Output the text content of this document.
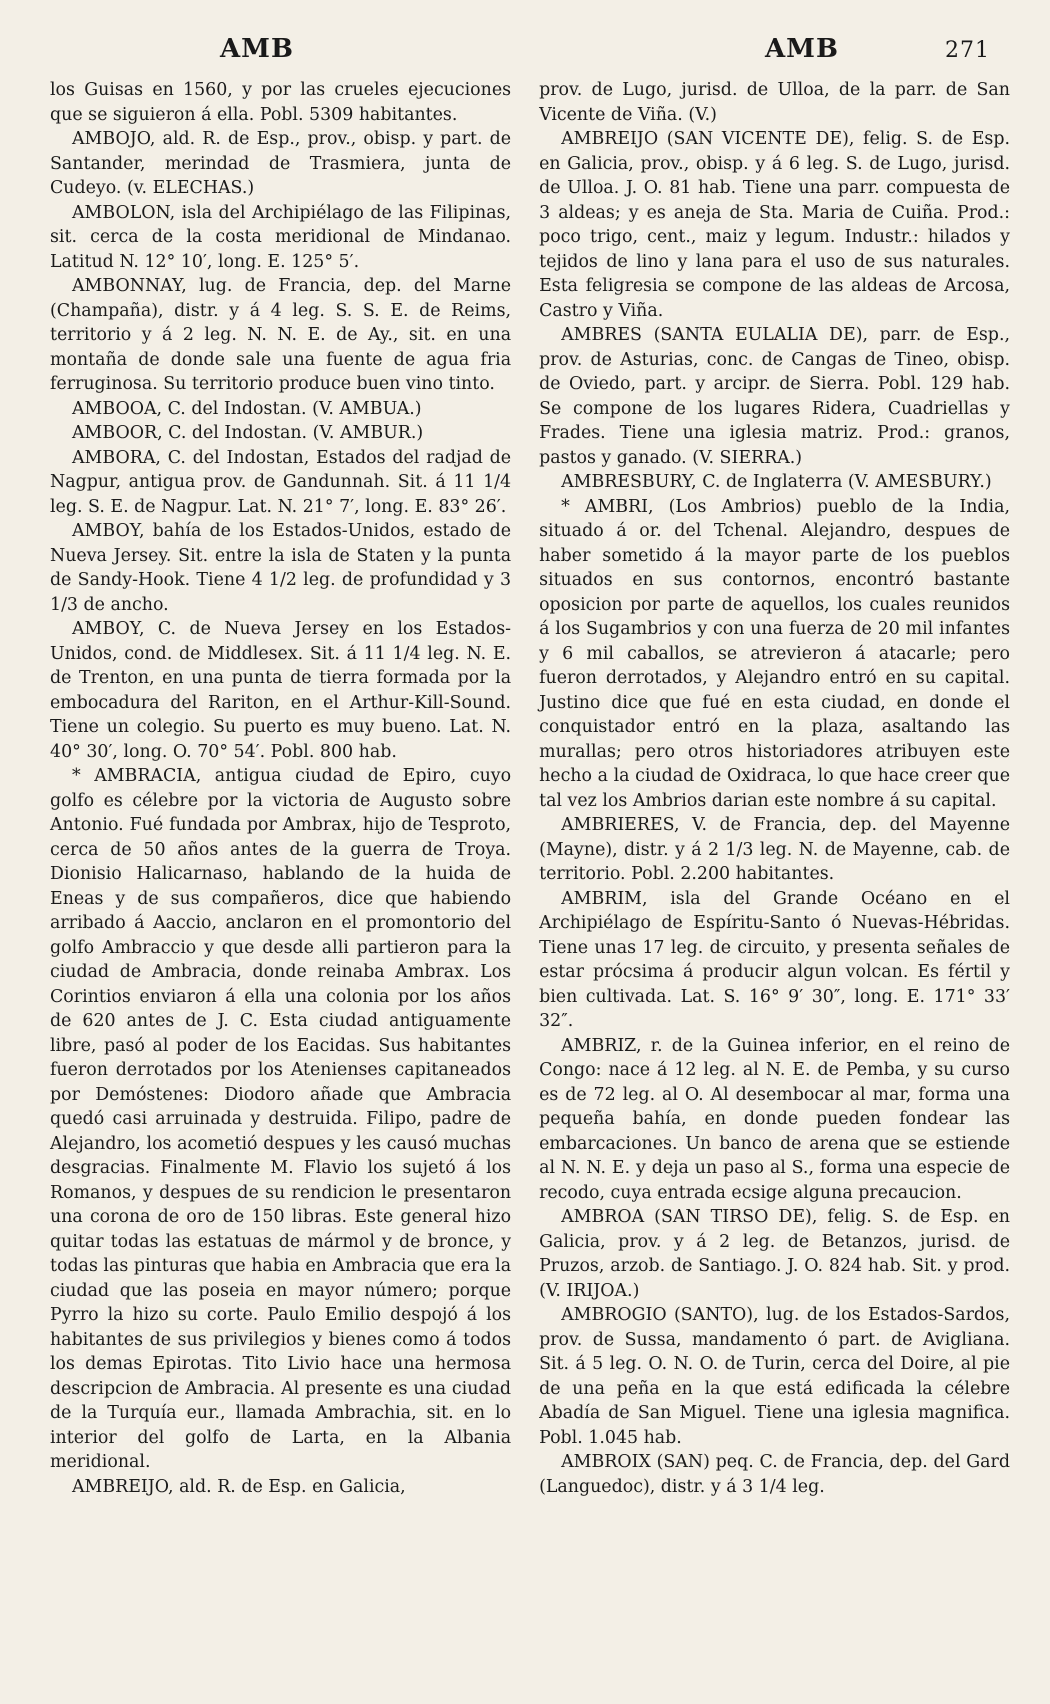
AMB	AMB	271

los Guisas en 1560, y por las crueles ejecuciones que se siguieron á ella. Pobl. 5309 habitantes.

AMBOJO, ald. R. de Esp., prov., obisp. y part. de Santander, merindad de Trasmiera, junta de Cudeyo. (v. ELECHAS.)

AMBOLON, isla del Archipiélago de las Filipinas, sit. cerca de la costa meridional de Mindanao. Latitud N. 12° 10′, long. E. 125° 5′.

AMBONNAY, lug. de Francia, dep. del Marne (Champaña), distr. y á 4 leg. S. S. E. de Reims, territorio y á 2 leg. N. N. E. de Ay., sit. en una montaña de donde sale una fuente de agua fria ferruginosa. Su territorio produce buen vino tinto.

AMBOOA, C. del Indostan. (V. AMBUA.)

AMBOOR, C. del Indostan. (V. AMBUR.)

AMBORA, C. del Indostan, Estados del radjad de Nagpur, antigua prov. de Gandunnah. Sit. á 11 1/4 leg. S. E. de Nagpur. Lat. N. 21° 7′, long. E. 83° 26′.

AMBOY, bahía de los Estados-Unidos, estado de Nueva Jersey. Sit. entre la isla de Staten y la punta de Sandy-Hook. Tiene 4 1/2 leg. de profundidad y 3 1/3 de ancho.

AMBOY, C. de Nueva Jersey en los Estados-Unidos, cond. de Middlesex. Sit. á 11 1/4 leg. N. E. de Trenton, en una punta de tierra formada por la embocadura del Rariton, en el Arthur-Kill-Sound. Tiene un colegio. Su puerto es muy bueno. Lat. N. 40° 30′, long. O. 70° 54′. Pobl. 800 hab.

* AMBRACIA, antigua ciudad de Epiro, cuyo golfo es célebre por la victoria de Augusto sobre Antonio. Fué fundada por Ambrax, hijo de Tesproto, cerca de 50 años antes de la guerra de Troya. Dionisio Halicarnaso, hablando de la huida de Eneas y de sus compañeros, dice que habiendo arribado á Aaccio, anclaron en el promontorio del golfo Ambraccio y que desde alli partieron para la ciudad de Ambracia, donde reinaba Ambrax. Los Corintios enviaron á ella una colonia por los años de 620 antes de J. C. Esta ciudad antiguamente libre, pasó al poder de los Eacidas. Sus habitantes fueron derrotados por los Atenienses capitaneados por Demóstenes: Diodoro añade que Ambracia quedó casi arruinada y destruida. Filipo, padre de Alejandro, los acometió despues y les causó muchas desgracias. Finalmente M. Flavio los sujetó á los Romanos, y despues de su rendicion le presentaron una corona de oro de 150 libras. Este general hizo quitar todas las estatuas de mármol y de bronce, y todas las pinturas que habia en Ambracia que era la ciudad que las poseia en mayor número; porque Pyrro la hizo su corte. Paulo Emilio despojó á los habitantes de sus privilegios y bienes como á todos los demas Epirotas. Tito Livio hace una hermosa descripcion de Ambracia. Al presente es una ciudad de la Turquía eur., llamada Ambrachia, sit. en lo interior del golfo de Larta, en la Albania meridional.

AMBREIJO, ald. R. de Esp. en Galicia,

prov. de Lugo, jurisd. de Ulloa, de la parr. de San Vicente de Viña. (V.)

AMBREIJO (SAN VICENTE DE), felig. S. de Esp. en Galicia, prov., obisp. y á 6 leg. S. de Lugo, jurisd. de Ulloa. J. O. 81 hab. Tiene una parr. compuesta de 3 aldeas; y es aneja de Sta. Maria de Cuiña. Prod.: poco trigo, cent., maiz y legum. Industr.: hilados y tejidos de lino y lana para el uso de sus naturales. Esta feligresia se compone de las aldeas de Arcosa, Castro y Viña.

AMBRES (SANTA EULALIA DE), parr. de Esp., prov. de Asturias, conc. de Cangas de Tineo, obisp. de Oviedo, part. y arcipr. de Sierra. Pobl. 129 hab. Se compone de los lugares Ridera, Cuadriellas y Frades. Tiene una iglesia matriz. Prod.: granos, pastos y ganado. (V. SIERRA.)

AMBRESBURY, C. de Inglaterra (V. AMESBURY.)

* AMBRI, (Los Ambrios) pueblo de la India, situado á or. del Tchenal. Alejandro, despues de haber sometido á la mayor parte de los pueblos situados en sus contornos, encontró bastante oposicion por parte de aquellos, los cuales reunidos á los Sugambrios y con una fuerza de 20 mil infantes y 6 mil caballos, se atrevieron á atacarle; pero fueron derrotados, y Alejandro entró en su capital. Justino dice que fué en esta ciudad, en donde el conquistador entró en la plaza, asaltando las murallas; pero otros historiadores atribuyen este hecho a la ciudad de Oxidraca, lo que hace creer que tal vez los Ambrios darian este nombre á su capital.

AMBRIERES, V. de Francia, dep. del Mayenne (Mayne), distr. y á 2 1/3 leg. N. de Mayenne, cab. de territorio. Pobl. 2.200 habitantes.

AMBRIM, isla del Grande Océano en el Archipiélago de Espíritu-Santo ó Nuevas-Hébridas. Tiene unas 17 leg. de circuito, y presenta señales de estar prócsima á producir algun volcan. Es fértil y bien cultivada. Lat. S. 16° 9′ 30″, long. E. 171° 33′ 32″.

AMBRIZ, r. de la Guinea inferior, en el reino de Congo: nace á 12 leg. al N. E. de Pemba, y su curso es de 72 leg. al O. Al desembocar al mar, forma una pequeña bahía, en donde pueden fondear las embarcaciones. Un banco de arena que se estiende al N. N. E. y deja un paso al S., forma una especie de recodo, cuya entrada ecsige alguna precaucion.

AMBROA (SAN TIRSO DE), felig. S. de Esp. en Galicia, prov. y á 2 leg. de Betanzos, jurisd. de Pruzos, arzob. de Santiago. J. O. 824 hab. Sit. y prod. (V. IRIJOA.)

AMBROGIO (SANTO), lug. de los Estados-Sardos, prov. de Sussa, mandamento ó part. de Avigliana. Sit. á 5 leg. O. N. O. de Turin, cerca del Doire, al pie de una peña en la que está edificada la célebre Abadía de San Miguel. Tiene una iglesia magnifica. Pobl. 1.045 hab.

AMBROIX (SAN) peq. C. de Francia, dep. del Gard (Languedoc), distr. y á 3 1/4 leg.
